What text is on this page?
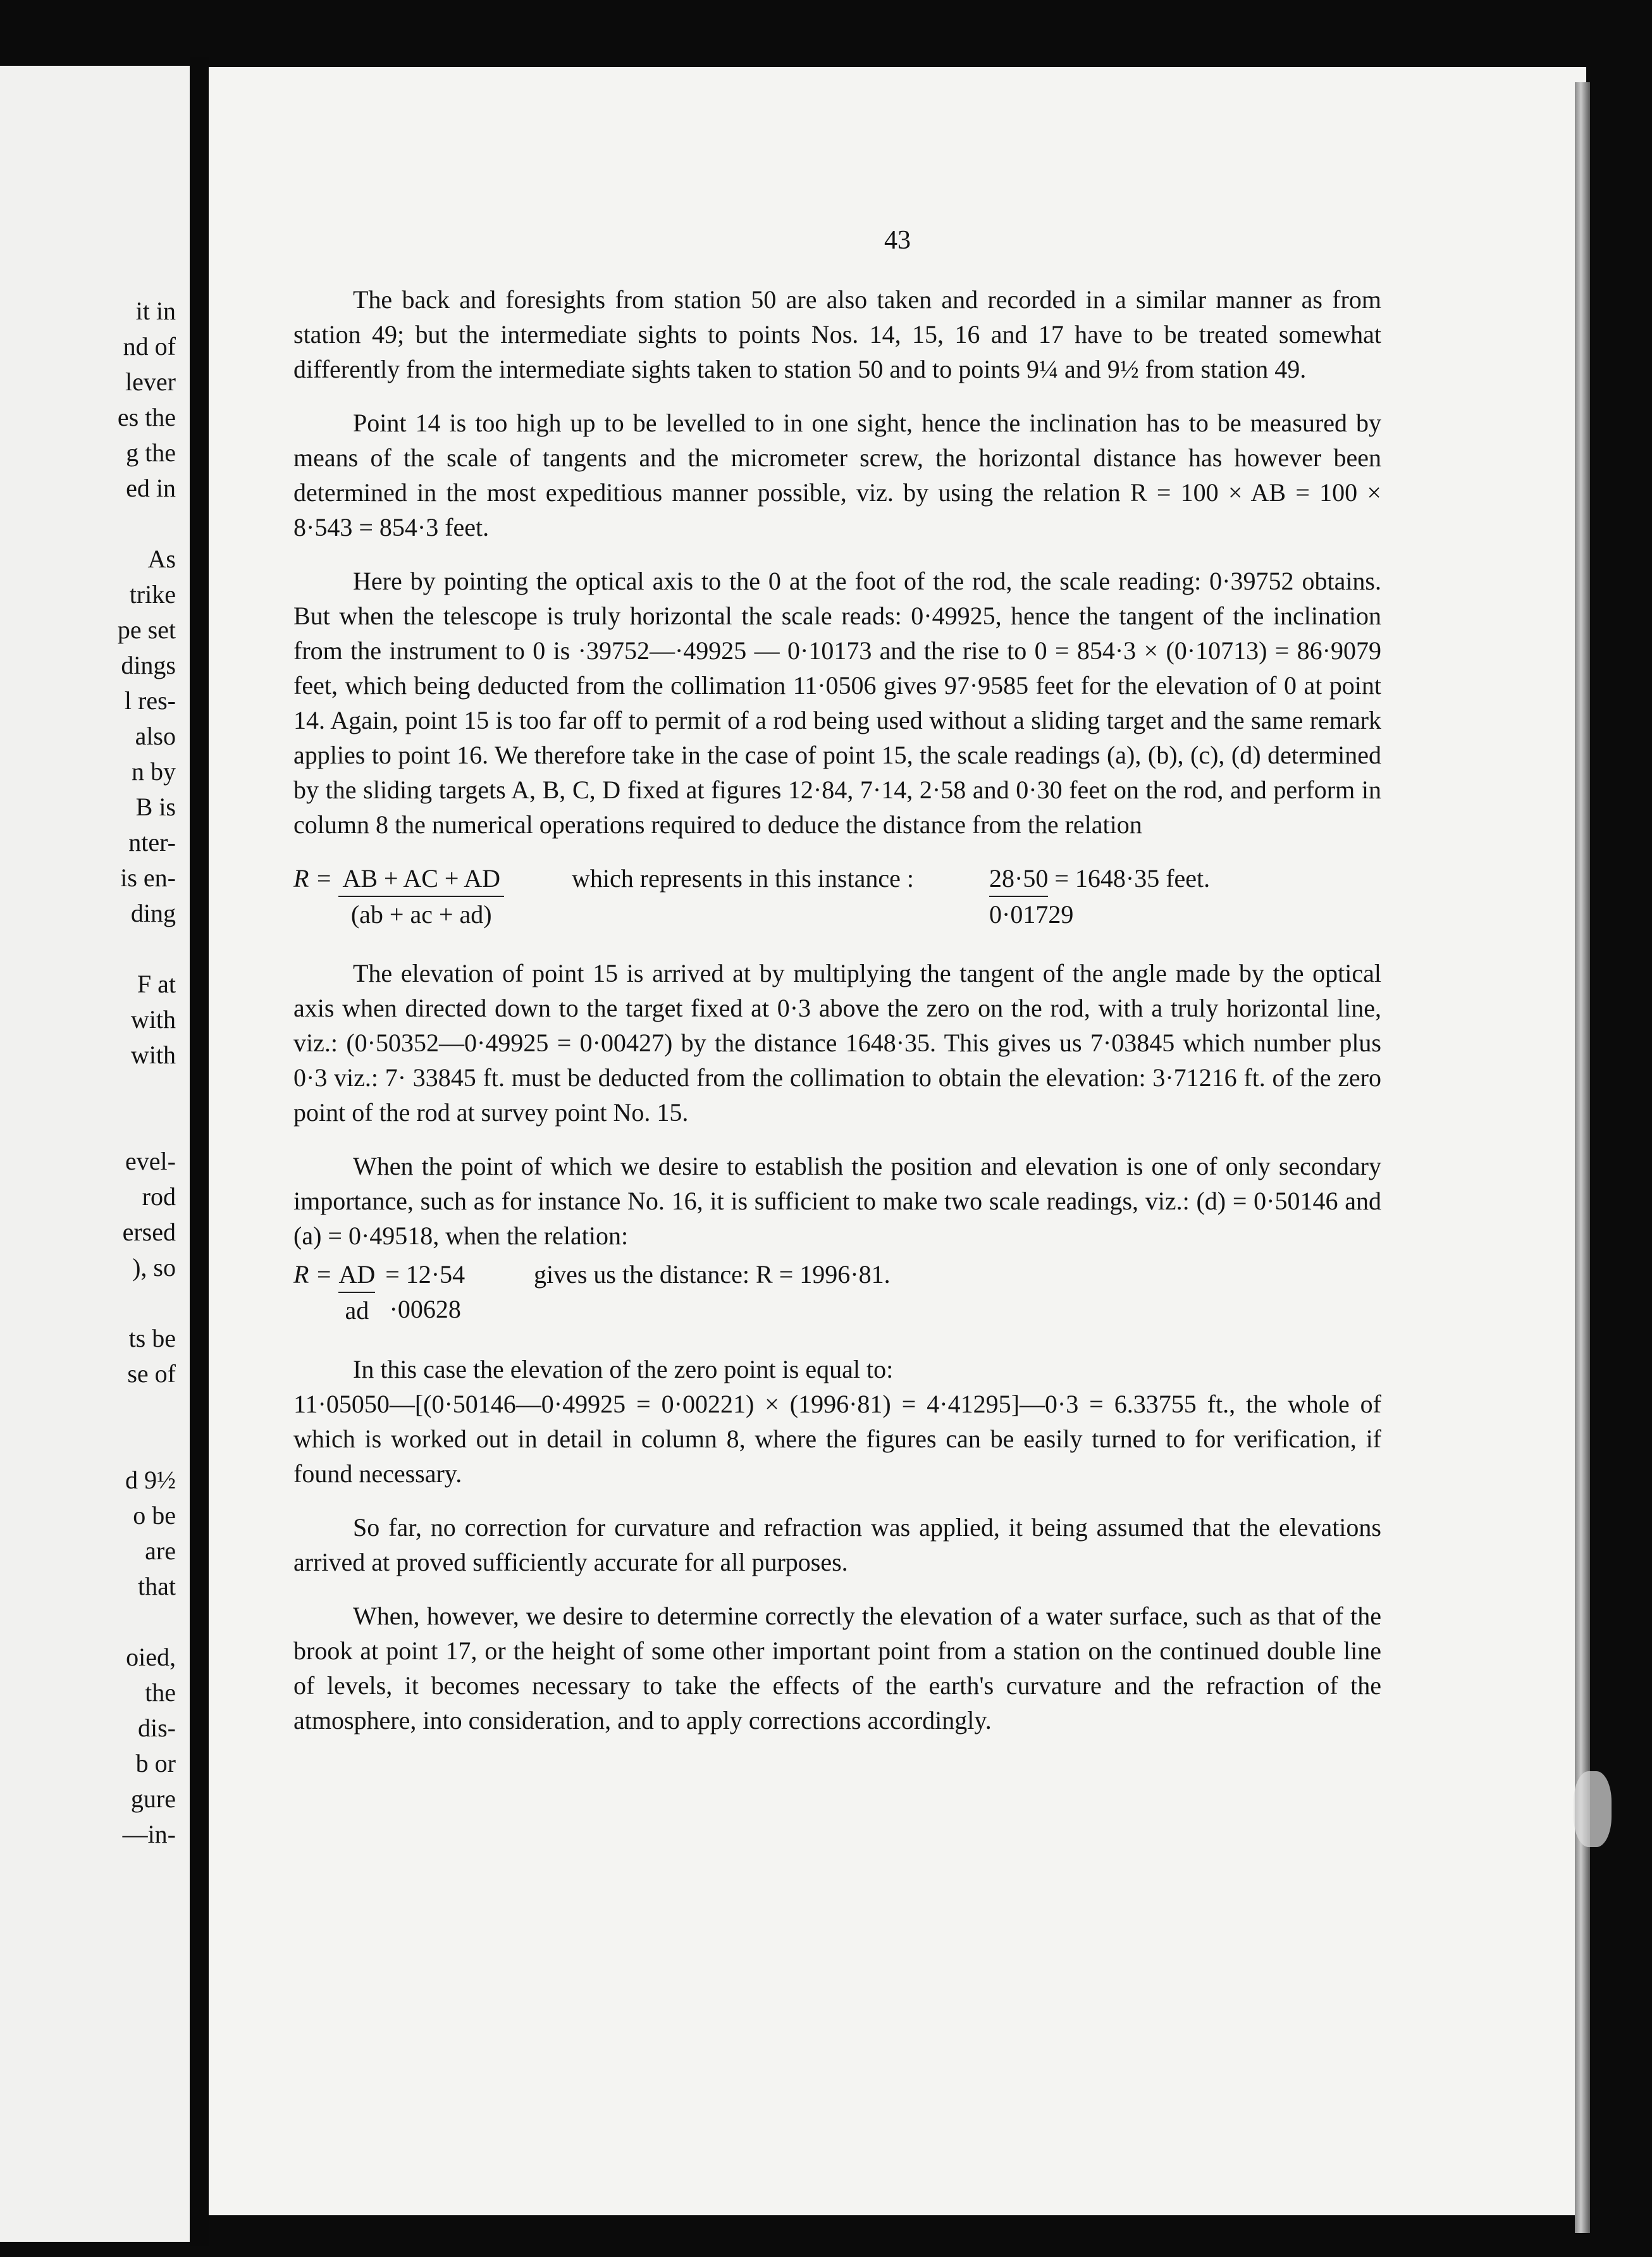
it in
nd of
lever
es the
g the
ed in
As
trike
pe set
dings
l res-
also
n by
B is
nter-
is en-
ding
F at
with
with
evel-
rod
ersed
), so
ts be
se of
d 9½
o be
are
that
oied,
the
dis-
b or
gure
—in-
43

The back and foresights from station 50 are also taken and recorded in a similar manner as from station 49; but the intermediate sights to points Nos. 14, 15, 16 and 17 have to be treated somewhat differently from the intermediate sights taken to station 50 and to points 9¼ and 9½ from station 49.

Point 14 is too high up to be levelled to in one sight, hence the inclination has to be measured by means of the scale of tangents and the micrometer screw, the horizontal distance has however been determined in the most expeditious manner possible, viz. by using the relation R = 100 × AB = 100 × 8·543 = 854·3 feet.

Here by pointing the optical axis to the 0 at the foot of the rod, the scale reading: 0·39752 obtains. But when the telescope is truly horizontal the scale reads: 0·49925, hence the tangent of the inclination from the instrument to 0 is ·39752—·49925 — 0·10173 and the rise to 0 = 854·3 × (0·10713) = 86·9079 feet, which being deducted from the collimation 11·0506 gives 97·9585 feet for the elevation of 0 at point 14. Again, point 15 is too far off to permit of a rod being used without a sliding target and the same remark applies to point 16. We therefore take in the case of point 15, the scale readings (a), (b), (c), (d) determined by the sliding targets A, B, C, D fixed at figures 12·84, 7·14, 2·58 and 0·30 feet on the rod, and perform in column 8 the numerical operations required to deduce the distance from the relation

$R = \frac{AB + AC + AD}{(ab + ac + ad)}$	which represents in this instance :	28·50 = 1648·35 feet.
0·01729

The elevation of point 15 is arrived at by multiplying the tangent of the angle made by the optical axis when directed down to the target fixed at 0·3 above the zero on the rod, with a truly horizontal line, viz.: (0·50352—0·49925 = 0·00427) by the distance 1648·35. This gives us 7·03845 which number plus 0·3 viz.: 7· 33845 ft. must be deducted from the collimation to obtain the elevation: 3·71216 ft. of the zero point of the rod at survey point No. 15.

When the point of which we desire to establish the position and elevation is one of only secondary importance, such as for instance No. 16, it is sufficient to make two scale readings, viz.: (d) = 0·50146 and (a) = 0·49518, when the relation:

$R = \frac{AD}{ad} = 12\cdot 54$
·00628
gives us the distance: R = 1996·81.

In this case the elevation of the zero point is equal to:

11·05050—[(0·50146—0·49925 = 0·00221) × (1996·81) = 4·41295]—0·3 = 6.33755 ft., the whole of which is worked out in detail in column 8, where the figures can be easily turned to for verification, if found necessary.

So far, no correction for curvature and refraction was applied, it being assumed that the elevations arrived at proved sufficiently accurate for all purposes.

When, however, we desire to determine correctly the elevation of a water surface, such as that of the brook at point 17, or the height of some other important point from a station on the continued double line of levels, it becomes necessary to take the effects of the earth's curvature and the refraction of the atmosphere, into consideration, and to apply corrections accordingly.
